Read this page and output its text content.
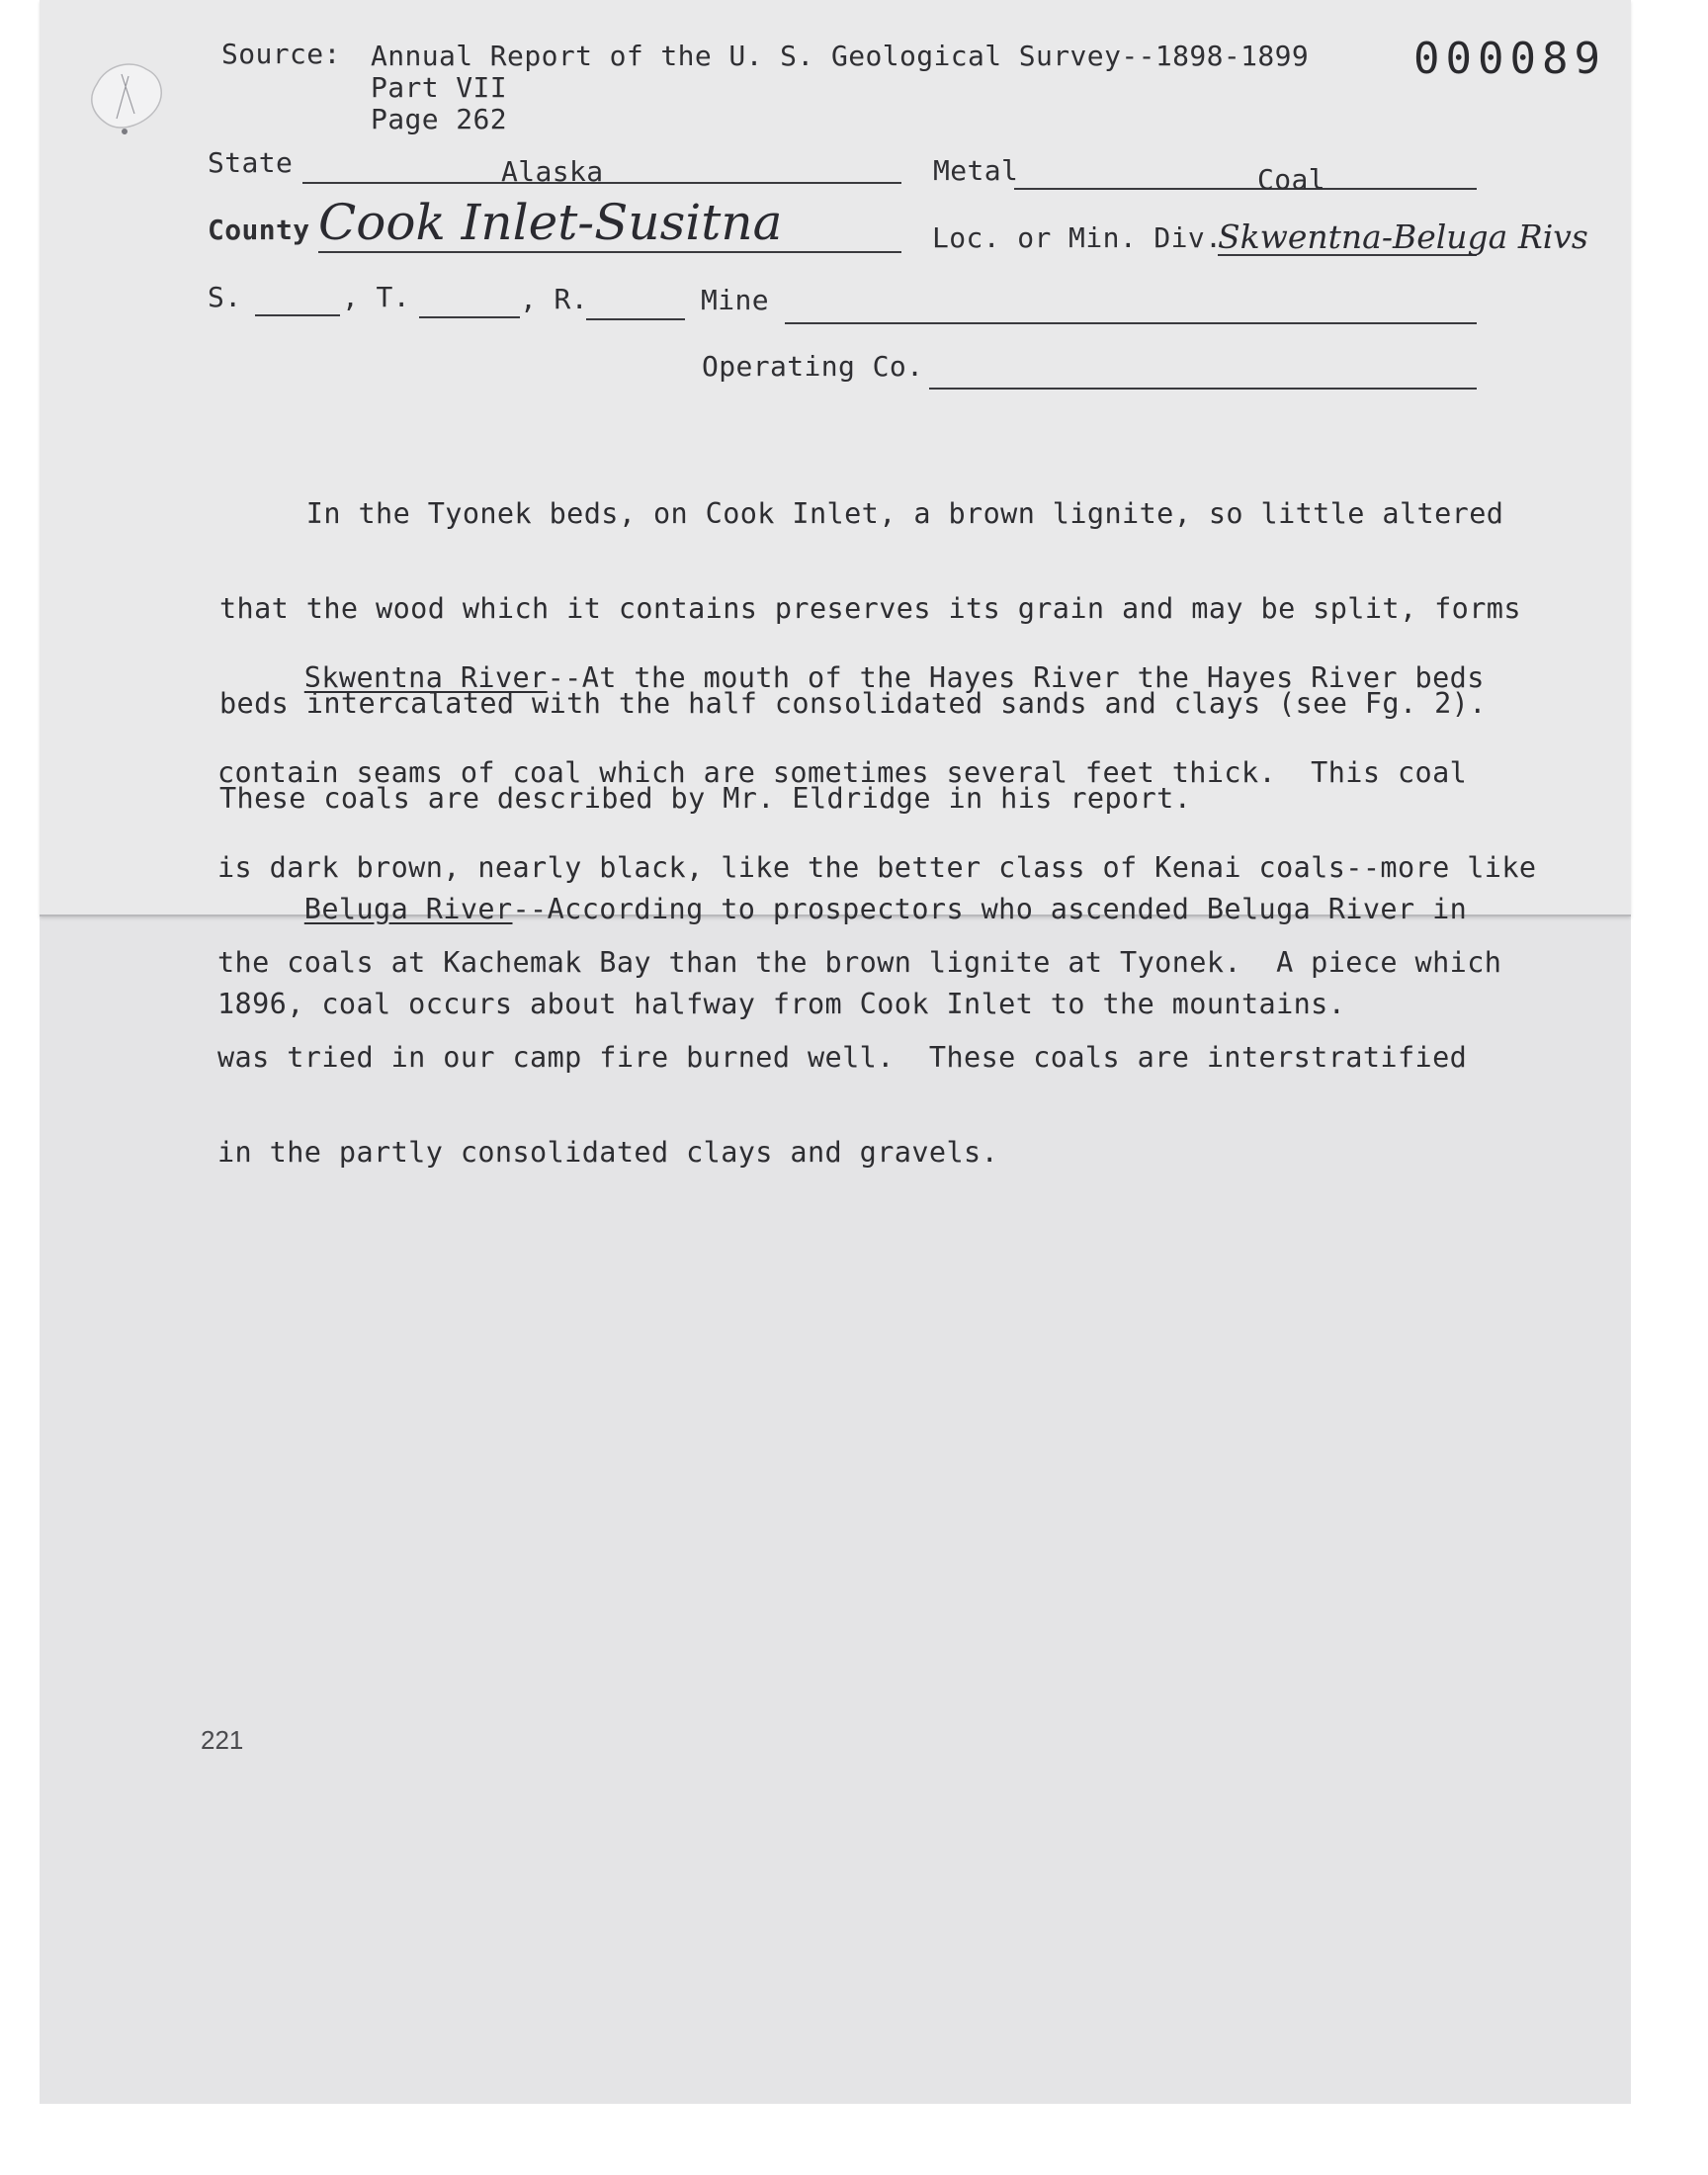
Source: Annual Report of the U. S. Geological Survey--1898-1899
Part VII
Page 262
000089
State	Alaska	Metal	Coal
County Cook Inlet-Susitna	Loc. or Min. Div.
Skwentna-Beluga Rivs
S.	, T.	, R.	Mine
Operating Co.

In the Tyonek beds, on Cook Inlet, a brown lignite, so little altered

that the wood which it contains preserves its grain and may be split, forms

beds intercalated with the half consolidated sands and clays (see Fg. 2).

These coals are described by Mr. Eldridge in his report.

Skwentna River--At the mouth of the Hayes River the Hayes River beds

contain seams of coal which are sometimes several feet thick.  This coal

is dark brown, nearly black, like the better class of Kenai coals--more like

the coals at Kachemak Bay than the brown lignite at Tyonek.  A piece which

was tried in our camp fire burned well.  These coals are interstratified

in the partly consolidated clays and gravels.

Beluga River--According to prospectors who ascended Beluga River in

1896, coal occurs about halfway from Cook Inlet to the mountains.

221
